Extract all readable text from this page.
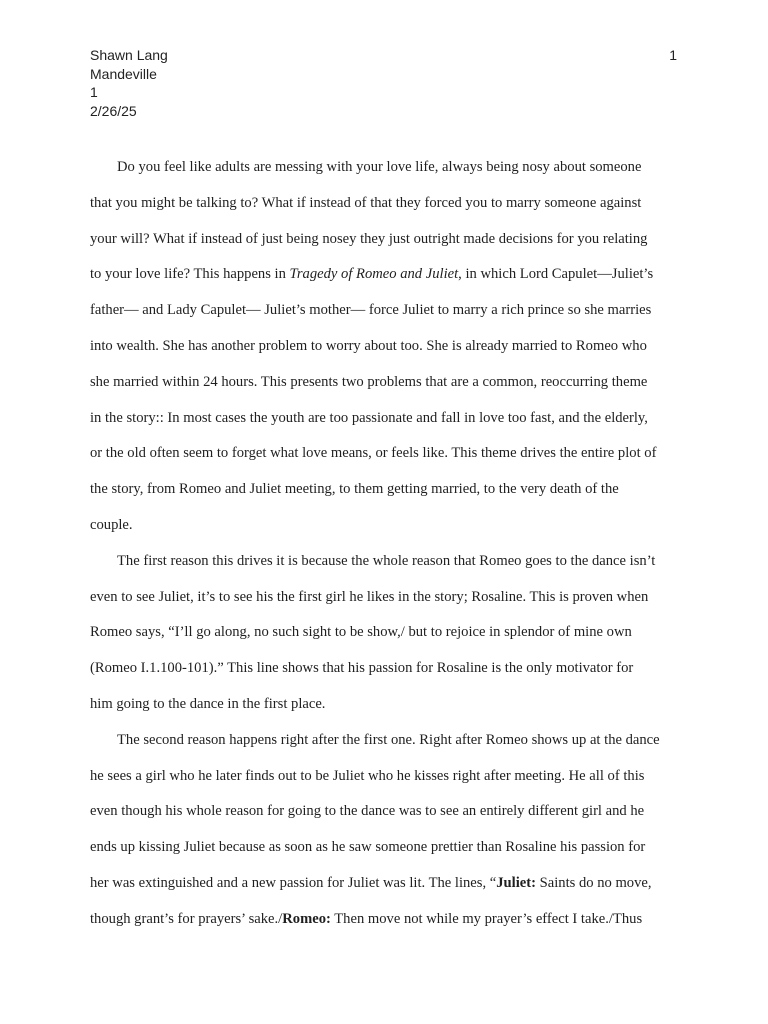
Shawn Lang
Mandeville
1
2/26/25
1
Do you feel like adults are messing with your love life, always being nosy about someone
that you might be talking to? What if instead of that they forced you to marry someone against
your will? What if instead of just being nosey they just outright made decisions for you relating
to your love life? This happens in Tragedy of Romeo and Juliet, in which Lord Capulet—Juliet’s
father— and Lady Capulet— Juliet’s mother— force Juliet to marry a rich prince so she marries
into wealth. She has another problem to worry about too. She is already married to Romeo who
she married within 24 hours. This presents two problems that are a common, reoccurring theme
in the story:: In most cases the youth are too passionate and fall in love too fast, and the elderly,
or the old often seem to forget what love means, or feels like. This theme drives the entire plot of
the story, from Romeo and Juliet meeting, to them getting married, to the very death of the
couple.
The first reason this drives it is because the whole reason that Romeo goes to the dance isn’t
even to see Juliet, it’s to see his the first girl he likes in the story; Rosaline. This is proven when
Romeo says, “I’ll go along, no such sight to be show,/ but to rejoice in splendor of mine own
(Romeo I.1.100-101).” This line shows that his passion for Rosaline is the only motivator for
him going to the dance in the first place.
The second reason happens right after the first one. Right after Romeo shows up at the dance
he sees a girl who he later finds out to be Juliet who he kisses right after meeting. He all of this
even though his whole reason for going to the dance was to see an entirely different girl and he
ends up kissing Juliet because as soon as he saw someone prettier than Rosaline his passion for
her was extinguished and a new passion for Juliet was lit. The lines, “Juliet: Saints do no move,
though grant’s for prayers’ sake./Romeo: Then move not while my prayer’s effect I take./Thus
